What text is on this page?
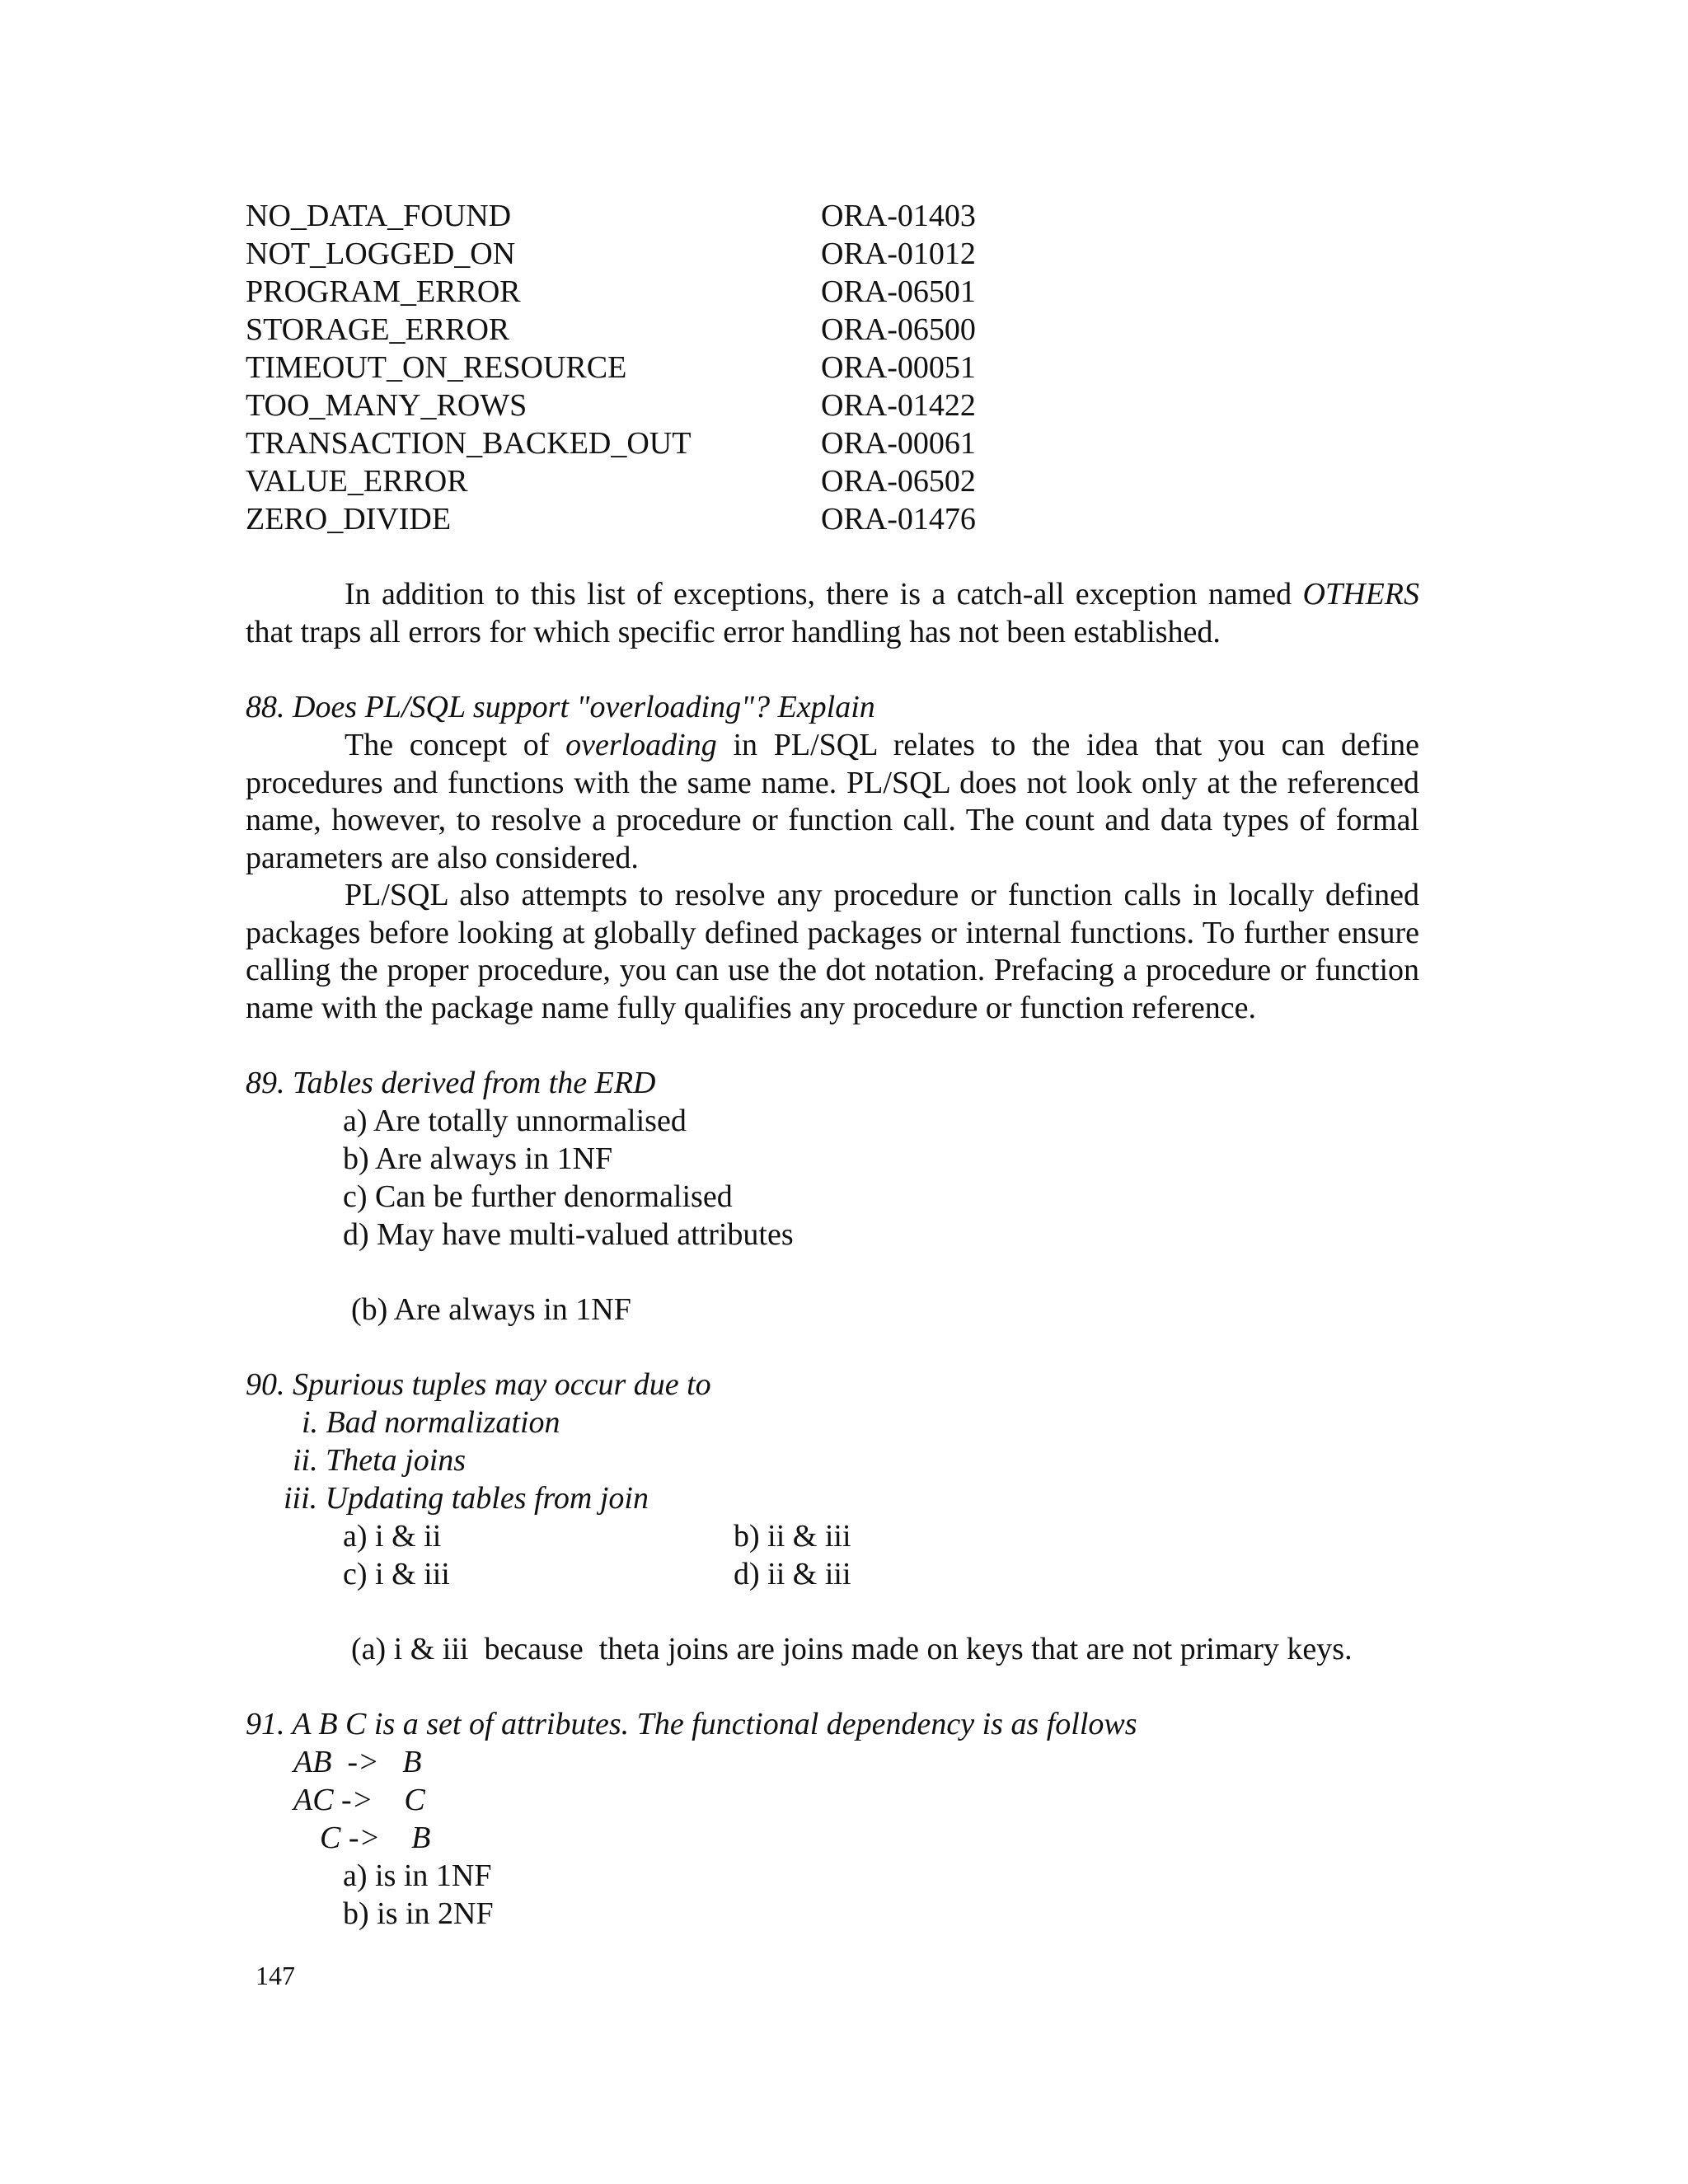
NO_DATA_FOUND	ORA-01403
NOT_LOGGED_ON	ORA-01012
PROGRAM_ERROR	ORA-06501
STORAGE_ERROR	ORA-06500
TIMEOUT_ON_RESOURCE	ORA-00051
TOO_MANY_ROWS	ORA-01422
TRANSACTION_BACKED_OUT	ORA-00061
VALUE_ERROR	ORA-06502
ZERO_DIVIDE	ORA-01476
In addition to this list of exceptions, there is a catch-all exception named OTHERS that traps all errors for which specific error handling has not been established.
88. Does PL/SQL support "overloading"? Explain
The concept of overloading in PL/SQL relates to the idea that you can define procedures and functions with the same name. PL/SQL does not look only at the referenced name, however, to resolve a procedure or function call. The count and data types of formal parameters are also considered.
PL/SQL also attempts to resolve any procedure or function calls in locally defined packages before looking at globally defined packages or internal functions. To further ensure calling the proper procedure, you can use the dot notation. Prefacing a procedure or function name with the package name fully qualifies any procedure or function reference.
89. Tables derived from the ERD
a) Are totally unnormalised
b) Are always in 1NF
c) Can be further denormalised
d) May have multi-valued attributes
(b) Are always in 1NF
90. Spurious tuples may occur due to
i. Bad normalization
ii. Theta joins
iii. Updating tables from join
a) i & ii	b) ii & iii
c) i & iii	d) ii & iii
(a) i & iii  because  theta joins are joins made on keys that are not primary keys.
91. A B C is a set of attributes. The functional dependency is as follows
AB  ->   B
AC ->    C
C ->    B
a) is in 1NF
b) is in 2NF
147
